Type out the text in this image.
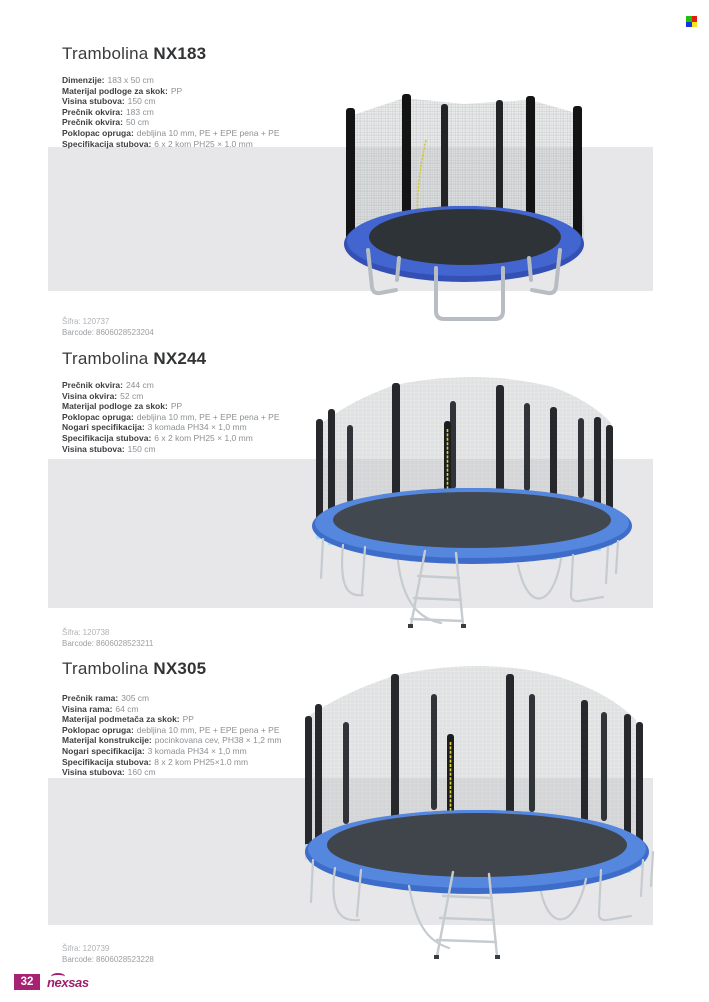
Trambolina NX183
Dimenzije: 183 x 50 cm
Materijal podloge za skok: PP
Visina stubova: 150 cm
Prečnik okvira: 183 cm
Prečnik okvira: 50 cm
Poklopac opruga: debljina 10 mm, PE + EPE pena + PE
Specifikacija stubova: 6 x 2 kom PH25 × 1.0 mm
Šifra: 120737
Barcode: 8606028523204
Trambolina NX244
Prečnik okvira: 244 cm
Visina okvira: 52 cm
Materijal podloge za skok: PP
Poklopac opruga: debljina 10 mm, PE + EPE pena + PE
Nogari specifikacija: 3 komada PH34 × 1,0 mm
Specifikacija stubova: 6 x 2 kom PH25 × 1,0 mm
Visina stubova: 150 cm
Šifra: 120738
Barcode: 8606028523211
Trambolina NX305
Prečnik rama: 305 cm
Visina rama: 64 cm
Materijal podmetača za skok: PP
Poklopac opruga: debljina 10 mm, PE + EPE pena + PE
Materijal konstrukcije: pocinkovana cev, PH38 × 1,2 mm
Nogari specifikacija: 3 komada PH34 × 1,0 mm
Specifikacija stubova: 8 x 2 kom PH25×1.0 mm
Visina stubova: 160 cm
Šifra: 120739
Barcode: 8606028523228
32	nexsas
